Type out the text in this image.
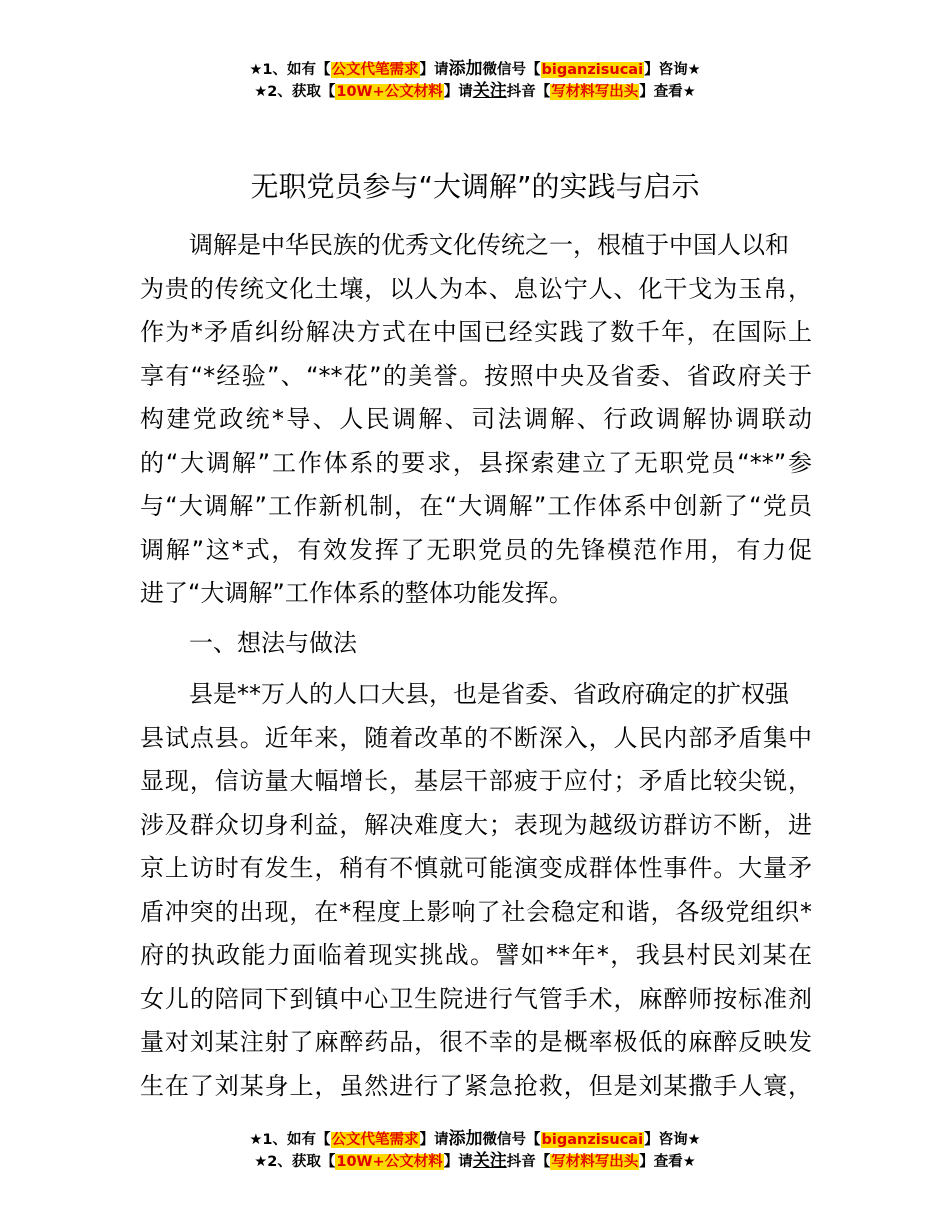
★1、如有【公文代笔需求】请添加微信号【biganzisucai】咨询★
★2、获取【10W+公文材料】请关注抖音【写材料写出头】查看★
无职党员参与“大调解”的实践与启示
调解是中华民族的优秀文化传统之一，根植于中国人以和
为贵的传统文化土壤，以人为本、息讼宁人、化干戈为玉帛，
作为*矛盾纠纷解决方式在中国已经实践了数千年，在国际上
享有“*经验”、“**花”的美誉。按照中央及省委、省政府关于
构建党政统*导、人民调解、司法调解、行政调解协调联动
的“大调解”工作体系的要求，县探索建立了无职党员“**”参
与“大调解”工作新机制，在“大调解”工作体系中创新了“党员
调解”这*式，有效发挥了无职党员的先锋模范作用，有力促
进了“大调解”工作体系的整体功能发挥。
一、想法与做法
县是**万人的人口大县，也是省委、省政府确定的扩权强
县试点县。近年来，随着改革的不断深入，人民内部矛盾集中
显现，信访量大幅增长，基层干部疲于应付；矛盾比较尖锐，
涉及群众切身利益，解决难度大；表现为越级访群访不断，进
京上访时有发生，稍有不慎就可能演变成群体性事件。大量矛
盾冲突的出现，在*程度上影响了社会稳定和谐，各级党组织*
府的执政能力面临着现实挑战。譬如**年*，我县村民刘某在
女儿的陪同下到镇中心卫生院进行气管手术，麻醉师按标准剂
量对刘某注射了麻醉药品，很不幸的是概率极低的麻醉反映发
生在了刘某身上，虽然进行了紧急抢救，但是刘某撒手人寰，
★1、如有【公文代笔需求】请添加微信号【biganzisucai】咨询★
★2、获取【10W+公文材料】请关注抖音【写材料写出头】查看★
